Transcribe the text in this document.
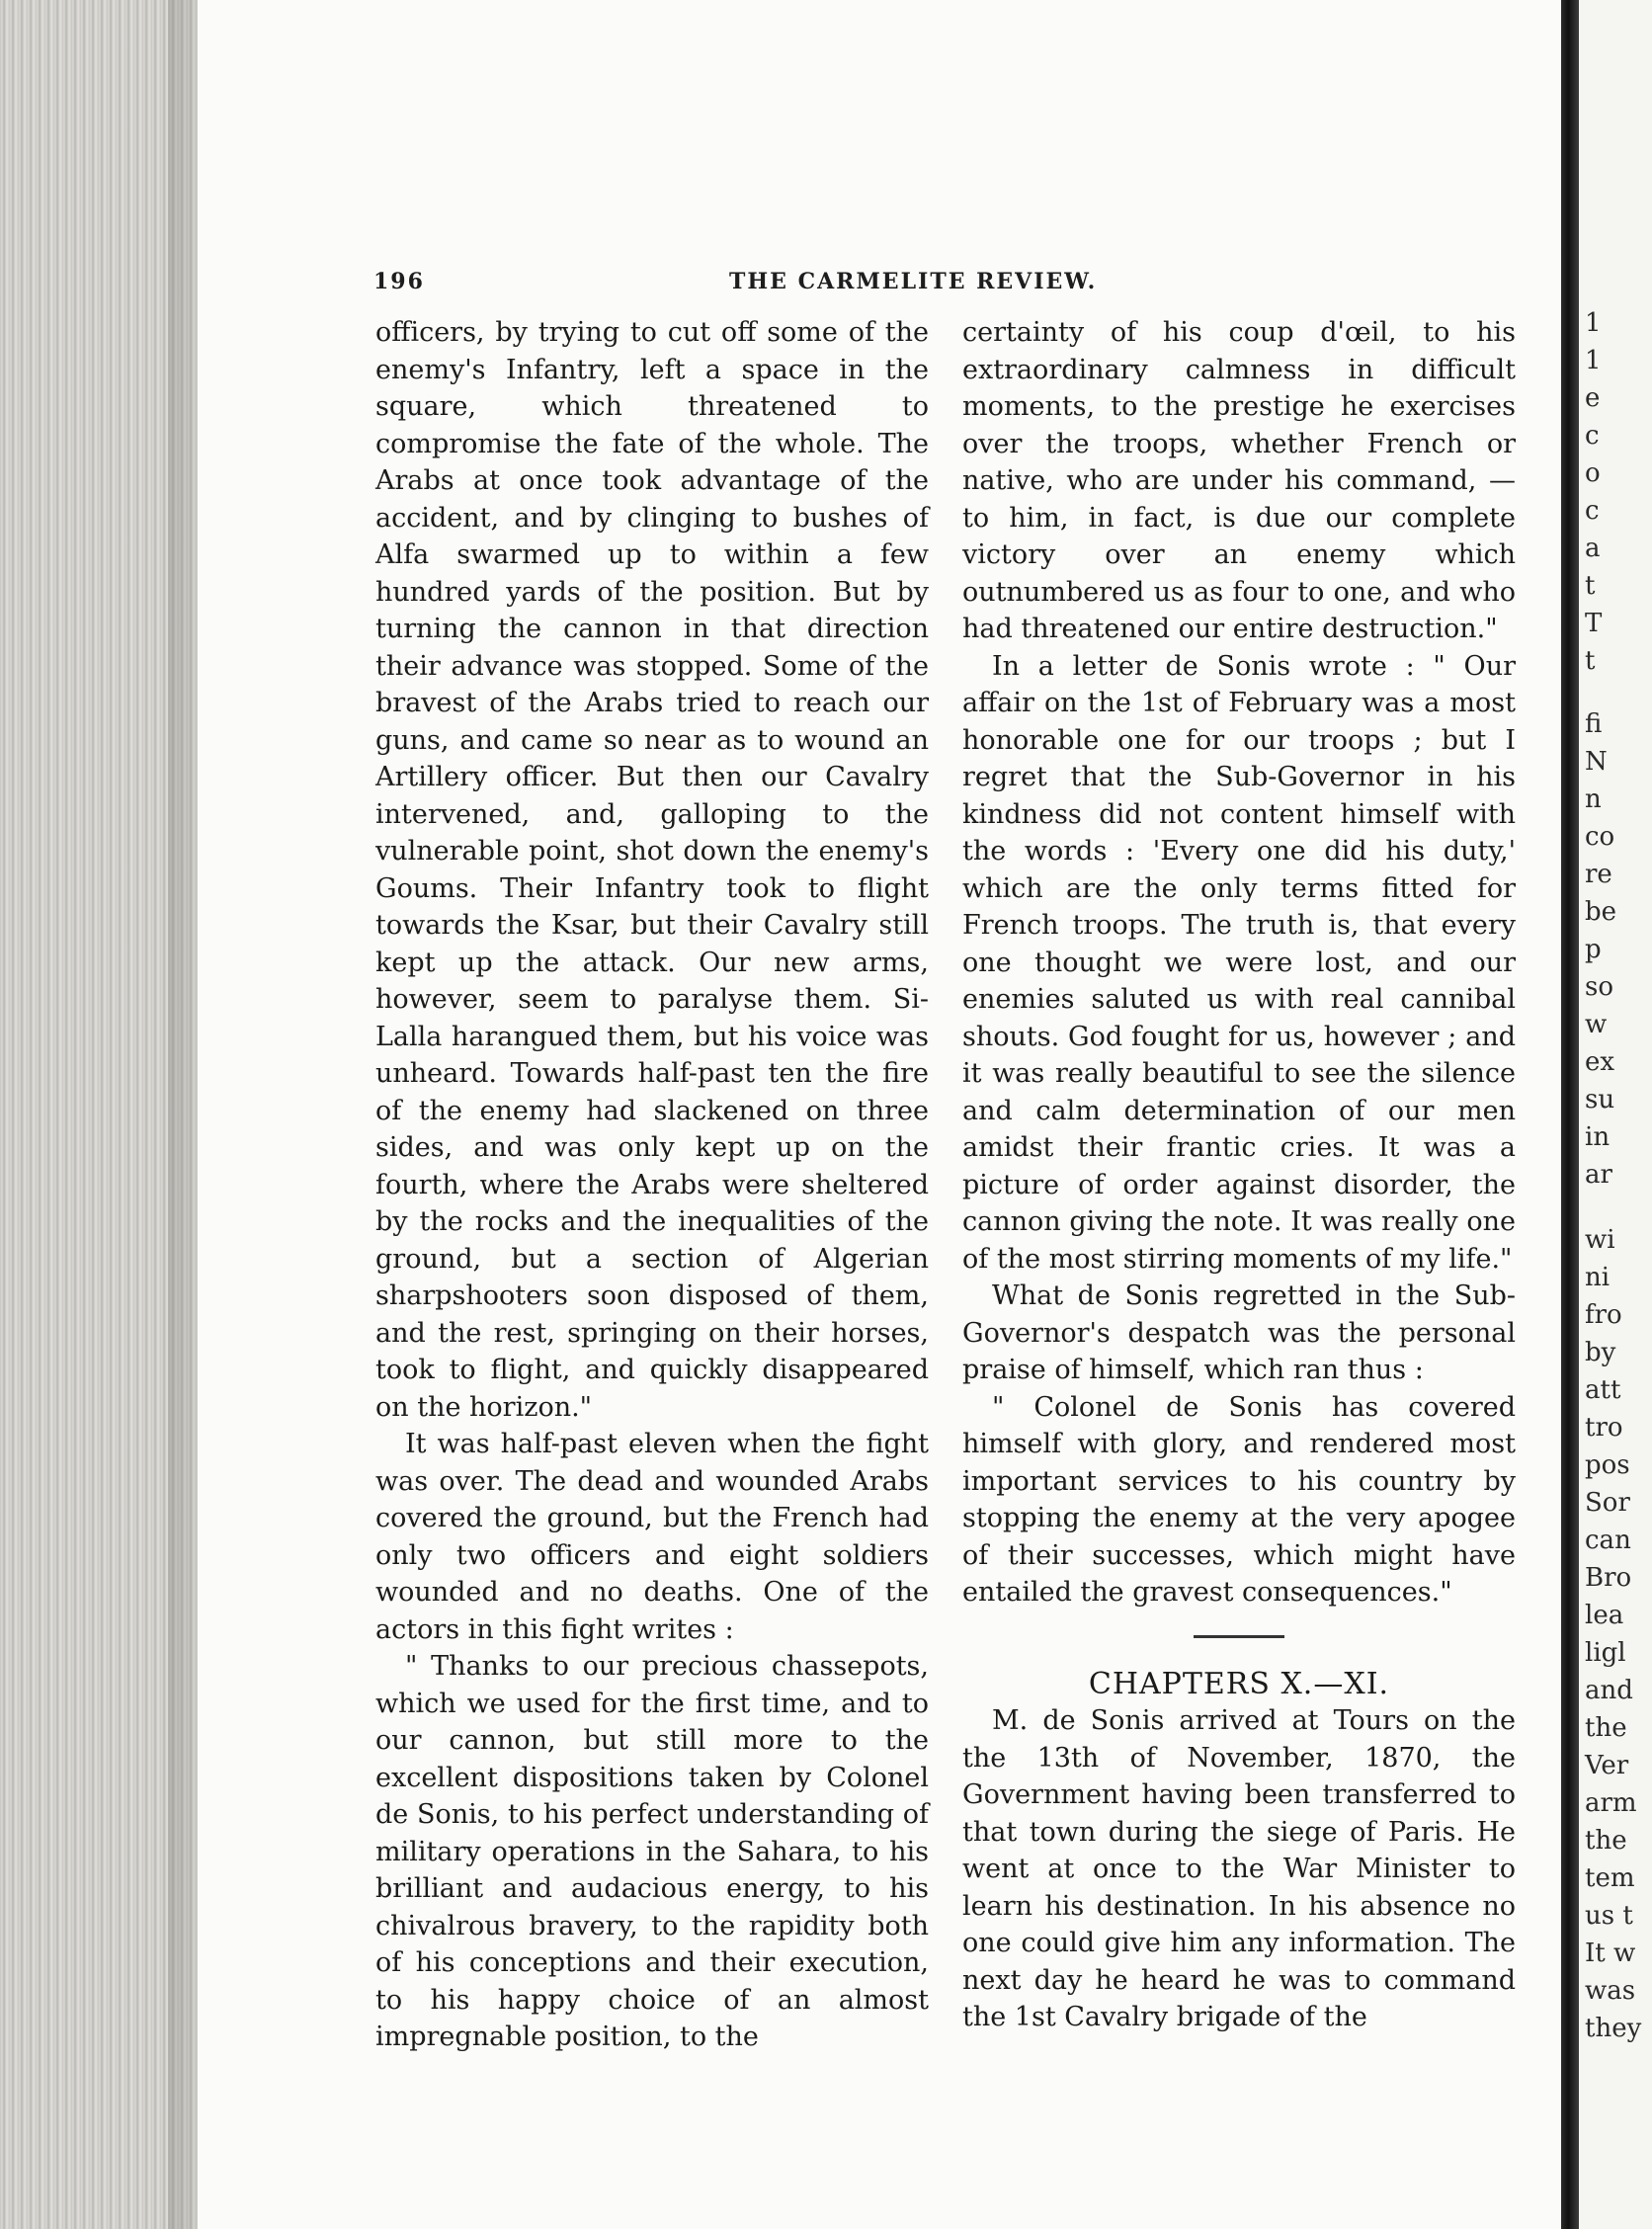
196	THE CARMELITE REVIEW.

officers, by trying to cut off some of the enemy's Infantry, left a space in the square, which threatened to compromise the fate of the whole. The Arabs at once took advantage of the accident, and by clinging to bushes of Alfa swarmed up to within a few hundred yards of the position. But by turning the cannon in that direction their advance was stopped. Some of the bravest of the Arabs tried to reach our guns, and came so near as to wound an Artillery officer. But then our Cavalry intervened, and, galloping to the vulnerable point, shot down the enemy's Goums. Their Infantry took to flight towards the Ksar, but their Cavalry still kept up the attack. Our new arms, however, seem to paralyse them. Si-Lalla harangued them, but his voice was unheard. Towards half-past ten the fire of the enemy had slackened on three sides, and was only kept up on the fourth, where the Arabs were sheltered by the rocks and the inequalities of the ground, but a section of Algerian sharpshooters soon disposed of them, and the rest, springing on their horses, took to flight, and quickly disappeared on the horizon."

It was half-past eleven when the fight was over. The dead and wounded Arabs covered the ground, but the French had only two officers and eight soldiers wounded and no deaths. One of the actors in this fight writes :

" Thanks to our precious chassepots, which we used for the first time, and to our cannon, but still more to the excellent dispositions taken by Colonel de Sonis, to his perfect understanding of military operations in the Sahara, to his brilliant and audacious energy, to his chivalrous bravery, to the rapidity both of his conceptions and their execution, to his happy choice of an almost impregnable position, to the

certainty of his coup d'œil, to his extraordinary calmness in difficult moments, to the prestige he exercises over the troops, whether French or native, who are under his command, —to him, in fact, is due our complete victory over an enemy which outnumbered us as four to one, and who had threatened our entire destruction."

In a letter de Sonis wrote : " Our affair on the 1st of February was a most honorable one for our troops ; but I regret that the Sub-Governor in his kindness did not content himself with the words : 'Every one did his duty,' which are the only terms fitted for French troops. The truth is, that every one thought we were lost, and our enemies saluted us with real cannibal shouts. God fought for us, however ; and it was really beautiful to see the silence and calm determination of our men amidst their frantic cries. It was a picture of order against disorder, the cannon giving the note. It was really one of the most stirring moments of my life."

What de Sonis regretted in the Sub-Governor's despatch was the personal praise of himself, which ran thus :

" Colonel de Sonis has covered himself with glory, and rendered most important services to his country by stopping the enemy at the very apogee of their successes, which might have entailed the gravest consequences."

CHAPTERS X.—XI.

M. de Sonis arrived at Tours on the the 13th of November, 1870, the Government having been transferred to that town during the siege of Paris. He went at once to the War Minister to learn his destination. In his absence no one could give him any information. The next day he heard he was to command the 1st Cavalry brigade of the

1
1
e
c
o
c
a
t
T
t
fi
N
n
co
re
be
p
so
w
ex
su
in
ar
wi
ni
fro
by
att
tro
pos
Sor
can
Bro
lea
ligl
and
the
Ver
arm
the
tem
us t
It w
was
they
